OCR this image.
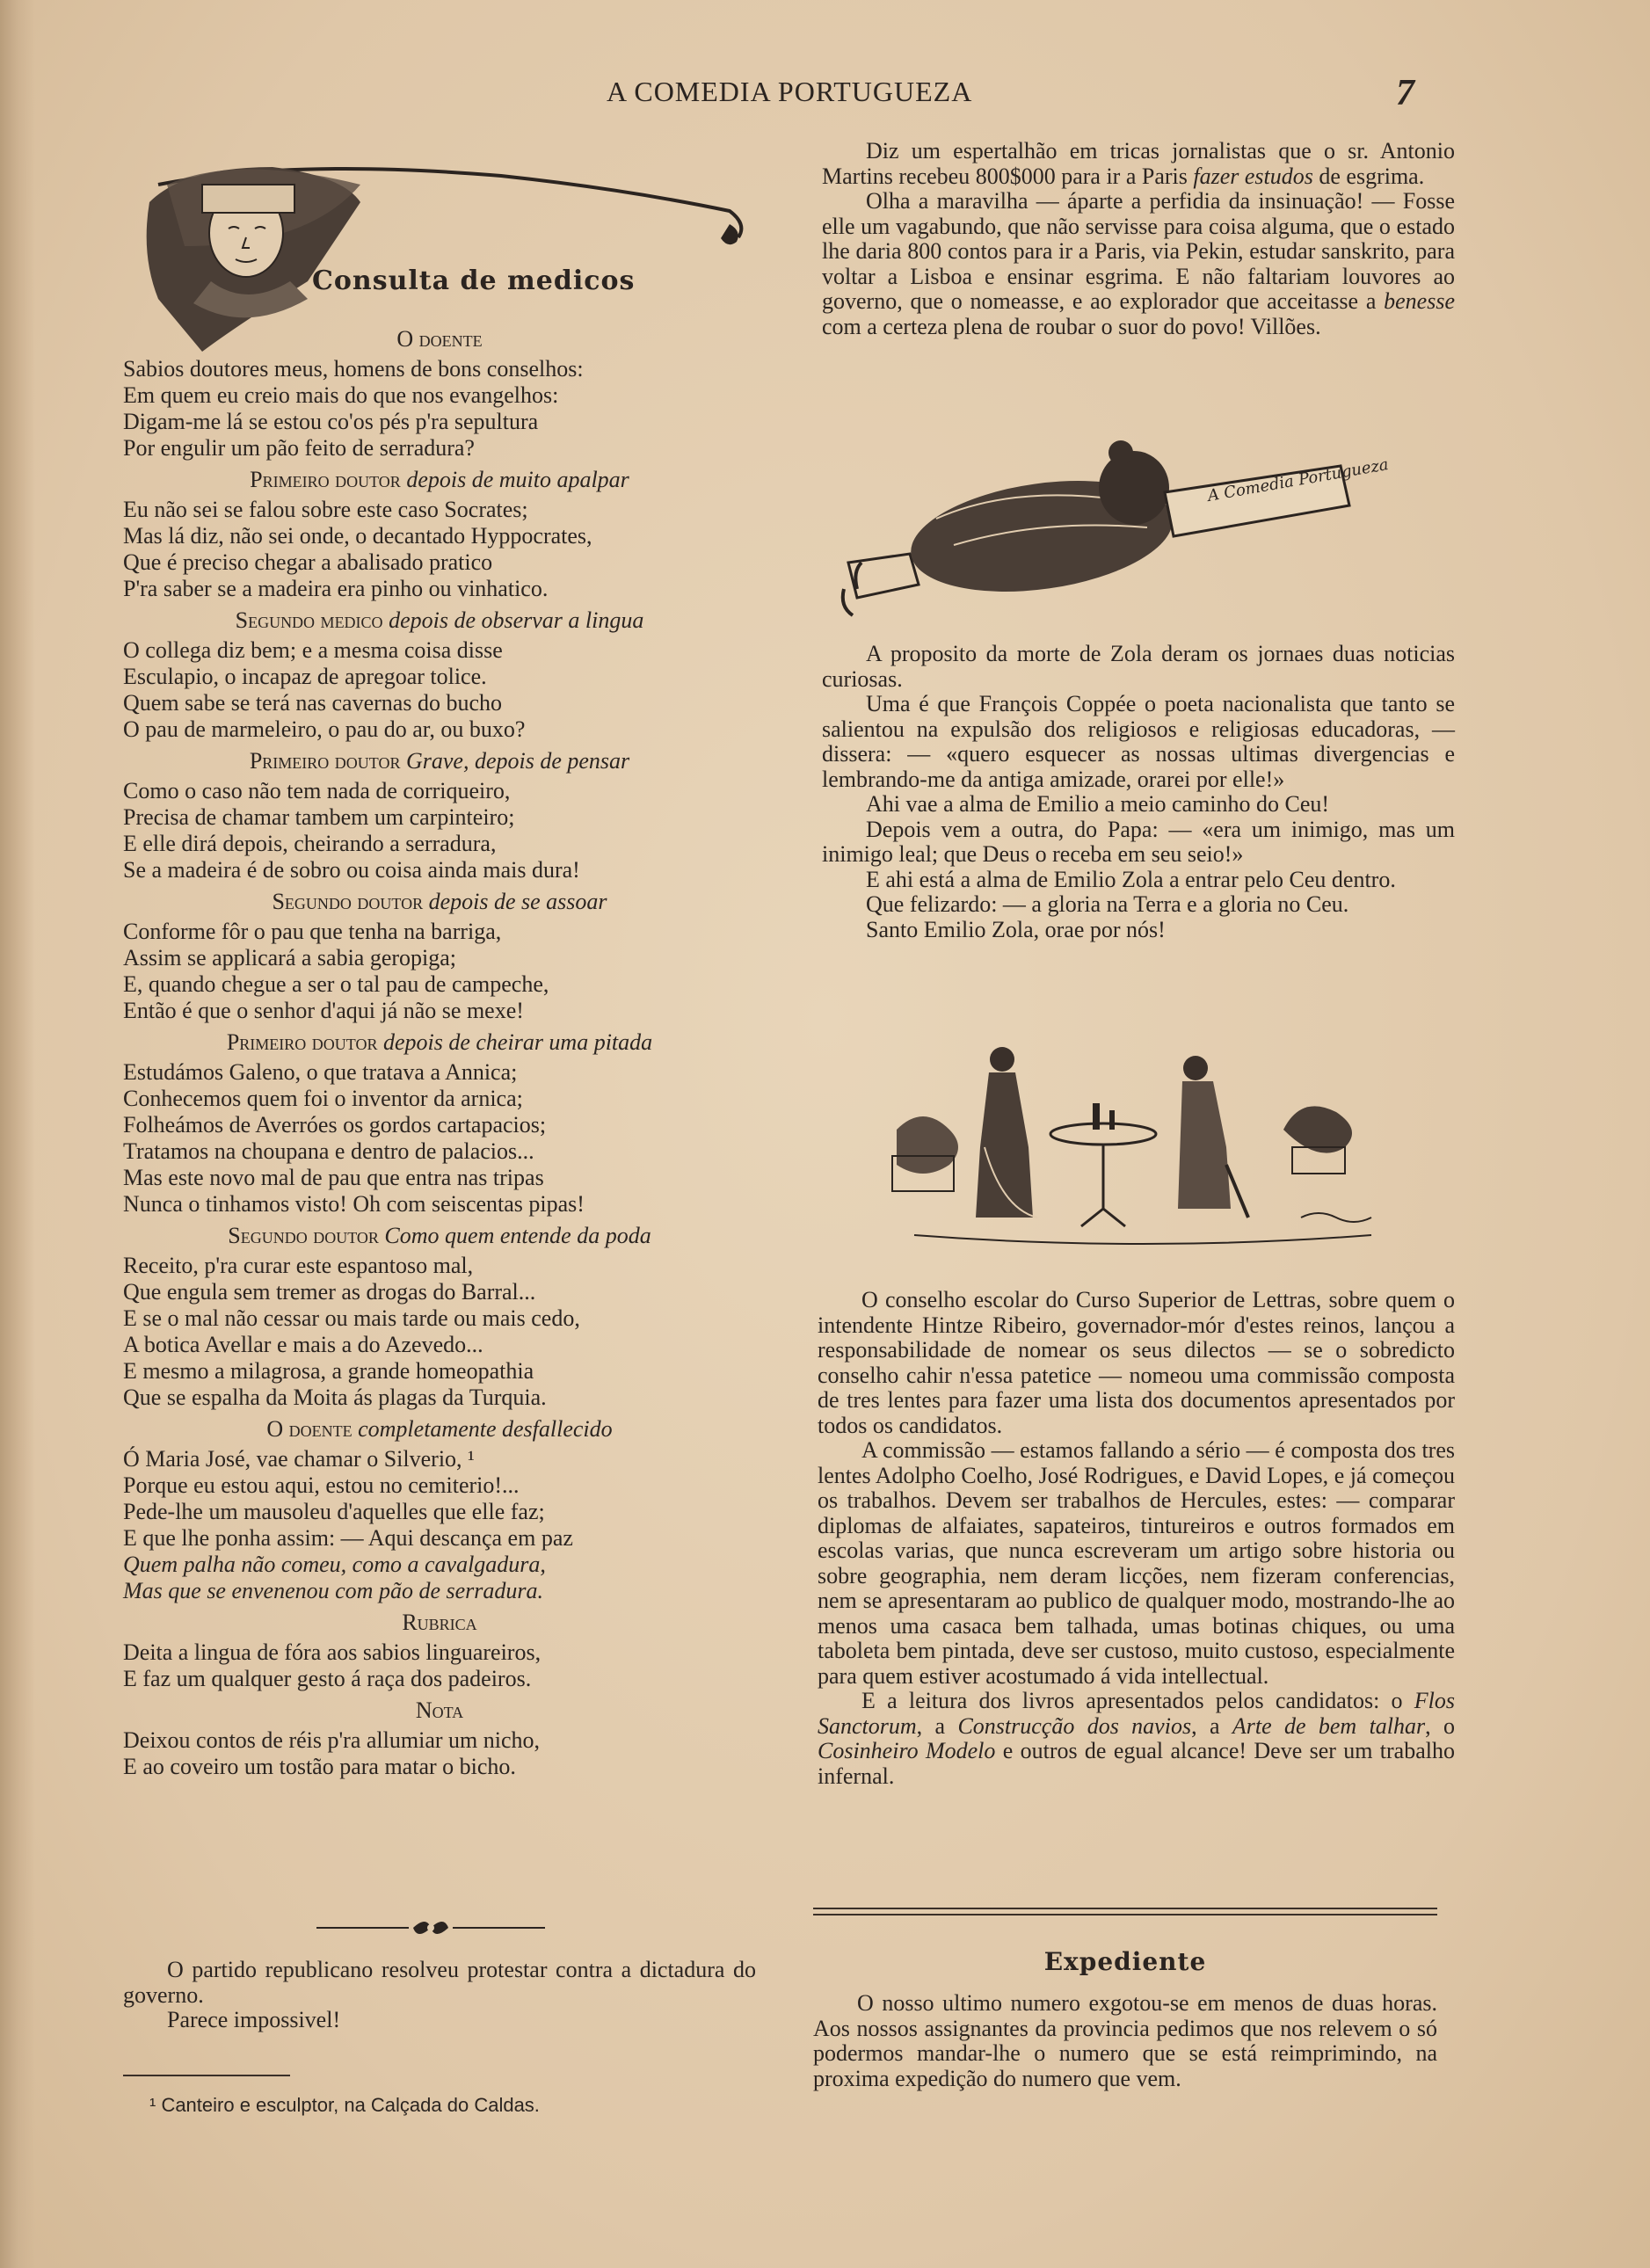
A COMEDIA PORTUGUEZA	7
Consulta de medicos
O doente
Sabios doutores meus, homens de bons conselhos:
Em quem eu creio mais do que nos evangelhos:
Digam-me lá se estou co'os pés p'ra sepultura
Por engulir um pão feito de serradura?
Primeiro doutor depois de muito apalpar
Eu não sei se falou sobre este caso Socrates;
Mas lá diz, não sei onde, o decantado Hyppocrates,
Que é preciso chegar a abalisado pratico
P'ra saber se a madeira era pinho ou vinhatico.
Segundo medico depois de observar a lingua
O collega diz bem; e a mesma coisa disse
Esculapio, o incapaz de apregoar tolice.
Quem sabe se terá nas cavernas do bucho
O pau de marmeleiro, o pau do ar, ou buxo?
Primeiro doutor Grave, depois de pensar
Como o caso não tem nada de corriqueiro,
Precisa de chamar tambem um carpinteiro;
E elle dirá depois, cheirando a serradura,
Se a madeira é de sobro ou coisa ainda mais dura!
Segundo doutor depois de se assoar
Conforme fôr o pau que tenha na barriga,
Assim se applicará a sabia geropiga;
E, quando chegue a ser o tal pau de campeche,
Então é que o senhor d'aqui já não se mexe!
Primeiro doutor depois de cheirar uma pitada
Estudámos Galeno, o que tratava a Annica;
Conhecemos quem foi o inventor da arnica;
Folheámos de Averróes os gordos cartapacios;
Tratamos na choupana e dentro de palacios...
Mas este novo mal de pau que entra nas tripas
Nunca o tinhamos visto! Oh com seiscentas pipas!
Segundo doutor Como quem entende da poda
Receito, p'ra curar este espantoso mal,
Que engula sem tremer as drogas do Barral...
E se o mal não cessar ou mais tarde ou mais cedo,
A botica Avellar e mais a do Azevedo...
E mesmo a milagrosa, a grande homeopathia
Que se espalha da Moita ás plagas da Turquia.
O doente completamente desfallecido
Ó Maria José, vae chamar o Silverio, ¹
Porque eu estou aqui, estou no cemiterio!...
Pede-lhe um mausoleu d'aquelles que elle faz;
E que lhe ponha assim: — Aqui descança em paz
Quem palha não comeu, como a cavalgadura,
Mas que se envenenou com pão de serradura.
Rubrica
Deita a lingua de fóra aos sabios linguareiros,
E faz um qualquer gesto á raça dos padeiros.
Nota
Deixou contos de réis p'ra allumiar um nicho,
E ao coveiro um tostão para matar o bicho.

O partido republicano resolveu protestar contra a dictadura do governo.

Parece impossivel!

¹ Canteiro e esculptor, na Calçada do Caldas.

Diz um espertalhão em tricas jornalistas que o sr. Antonio Martins recebeu 800$000 para ir a Paris fazer estudos de esgrima.

Olha a maravilha — áparte a perfidia da insinuação! — Fosse elle um vagabundo, que não servisse para coisa alguma, que o estado lhe daria 800 contos para ir a Paris, via Pekin, estudar sanskrito, para voltar a Lisboa e ensinar esgrima. E não faltariam louvores ao governo, que o nomeasse, e ao explorador que acceitasse a benesse com a certeza plena de roubar o suor do povo! Villões.

A Comedia Portugueza

A proposito da morte de Zola deram os jornaes duas noticias curiosas.

Uma é que François Coppée o poeta nacionalista que tanto se salientou na expulsão dos religiosos e religiosas educadoras, — dissera: — «quero esquecer as nossas ultimas divergencias e lembrando-me da antiga amizade, orarei por elle!»

Ahi vae a alma de Emilio a meio caminho do Ceu!

Depois vem a outra, do Papa: — «era um inimigo, mas um inimigo leal; que Deus o receba em seu seio!»

E ahi está a alma de Emilio Zola a entrar pelo Ceu dentro.

Que felizardo: — a gloria na Terra e a gloria no Ceu.

Santo Emilio Zola, orae por nós!

O conselho escolar do Curso Superior de Lettras, sobre quem o intendente Hintze Ribeiro, governador-mór d'estes reinos, lançou a responsabilidade de nomear os seus dilectos — se o sobredicto conselho cahir n'essa patetice — nomeou uma commissão composta de tres lentes para fazer uma lista dos documentos apresentados por todos os candidatos.

A commissão — estamos fallando a sério — é composta dos tres lentes Adolpho Coelho, José Rodrigues, e David Lopes, e já começou os trabalhos. Devem ser trabalhos de Hercules, estes: — comparar diplomas de alfaiates, sapateiros, tintureiros e outros formados em escolas varias, que nunca escreveram um artigo sobre historia ou sobre geographia, nem deram licções, nem fizeram conferencias, nem se apresentaram ao publico de qualquer modo, mostrando-lhe ao menos uma casaca bem talhada, umas botinas chiques, ou uma taboleta bem pintada, deve ser custoso, muito custoso, especialmente para quem estiver acostumado á vida intellectual.

E a leitura dos livros apresentados pelos candidatos: o Flos Sanctorum, a Construcção dos navios, a Arte de bem talhar, o Cosinheiro Modelo e outros de egual alcance! Deve ser um trabalho infernal.

Expediente

O nosso ultimo numero exgotou-se em menos de duas horas. Aos nossos assignantes da provincia pedimos que nos relevem o só podermos mandar-lhe o numero que se está reimprimindo, na proxima expedição do numero que vem.
